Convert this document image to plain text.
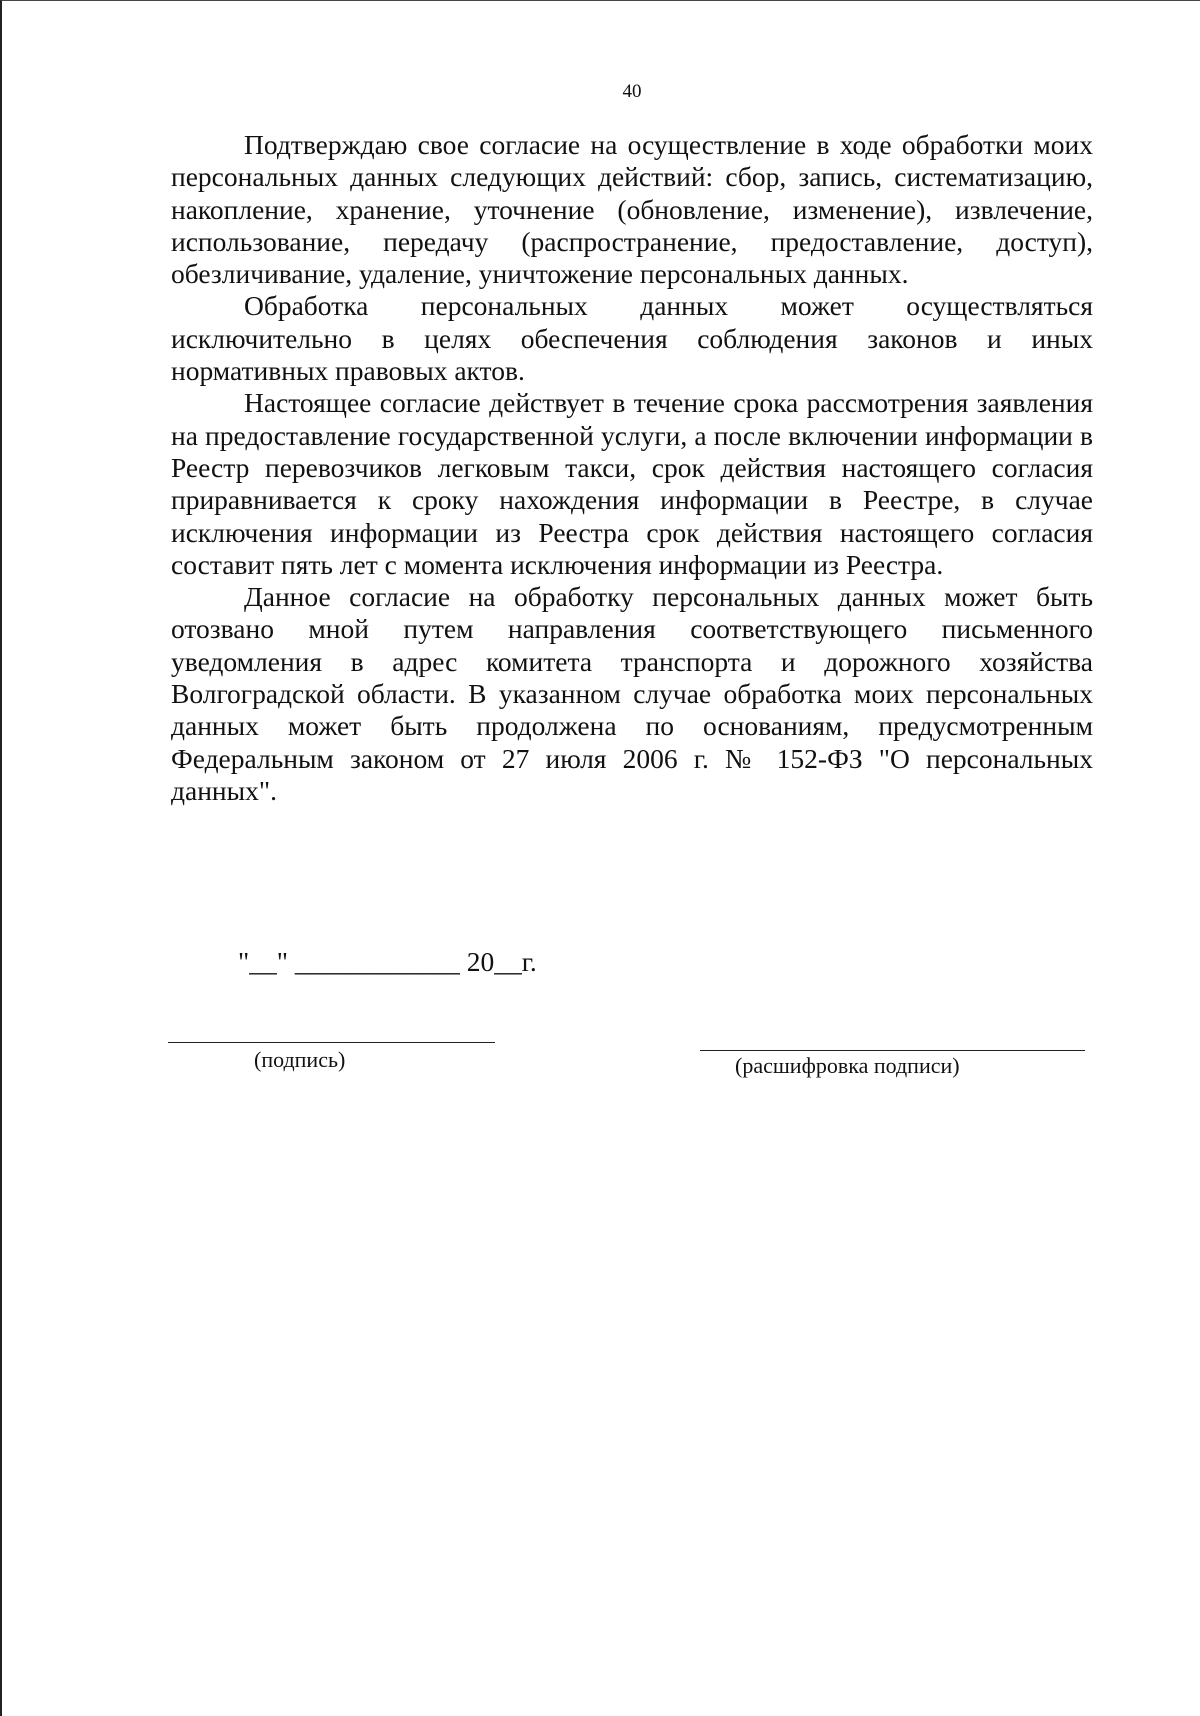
40

Подтверждаю свое согласие на осуществление в ходе обработки моих персональных данных следующих действий: сбор, запись, систематизацию, накопление, хранение, уточнение (обновление, изменение), извлечение, использование, передачу (распространение, предоставление, доступ), обезличивание, удаление, уничтожение персональных данных.

Обработка персональных данных может осуществляться исключительно в целях обеспечения соблюдения законов и иных нормативных правовых актов.

Настоящее согласие действует в течение срока рассмотрения заявления на предоставление государственной услуги, а после включении информации в Реестр перевозчиков легковым такси, срок действия настоящего согласия приравнивается к сроку нахождения информации в Реестре, в случае исключения информации из Реестра срок действия настоящего согласия составит пять лет с момента исключения информации из Реестра.

Данное согласие на обработку персональных данных может быть отозвано мной путем направления соответствующего письменного уведомления в адрес комитета транспорта и дорожного хозяйства Волгоградской области. В указанном случае обработка моих персональных данных может быть продолжена по основаниям, предусмотренным Федеральным законом от 27 июля 2006 г. № 152-ФЗ "О персональных данных".

"__" ____________ 20__г.
(подпись)	(расшифровка подписи)
